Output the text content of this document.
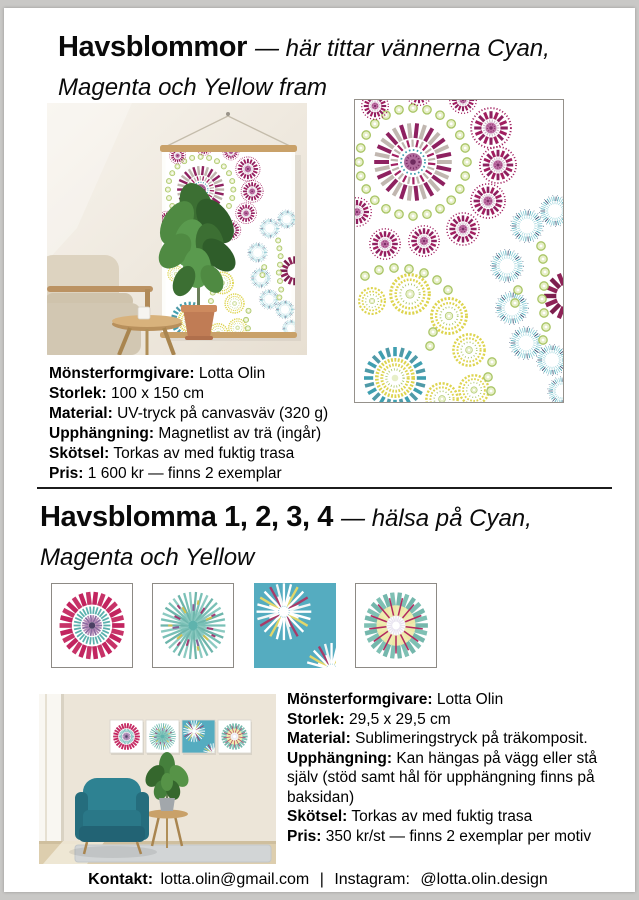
Havsblommor — här tittar vännerna Cyan,
Magenta och Yellow fram
Mönsterformgivare: Lotta Olin
Storlek: 100 x 150 cm
Material: UV-tryck på canvasväv (320 g)
Upphängning: Magnetlist av trä (ingår)
Skötsel: Torkas av med fuktig trasa
Pris: 1 600 kr — finns 2 exemplar
Havsblomma 1, 2, 3, 4 — hälsa på Cyan,
Magenta och Yellow
Mönsterformgivare: Lotta Olin
Storlek: 29,5 x 29,5 cm
Material: Sublimeringstryck på träkomposit.
Upphängning: Kan hängas på vägg eller stå själv (stöd samt hål för upphängning finns på baksidan)
Skötsel: Torkas av med fuktig trasa
Pris: 350 kr/st — finns 2 exemplar per motiv
Kontakt: lotta.olin@gmail.com | Instagram: @lotta.olin.design
